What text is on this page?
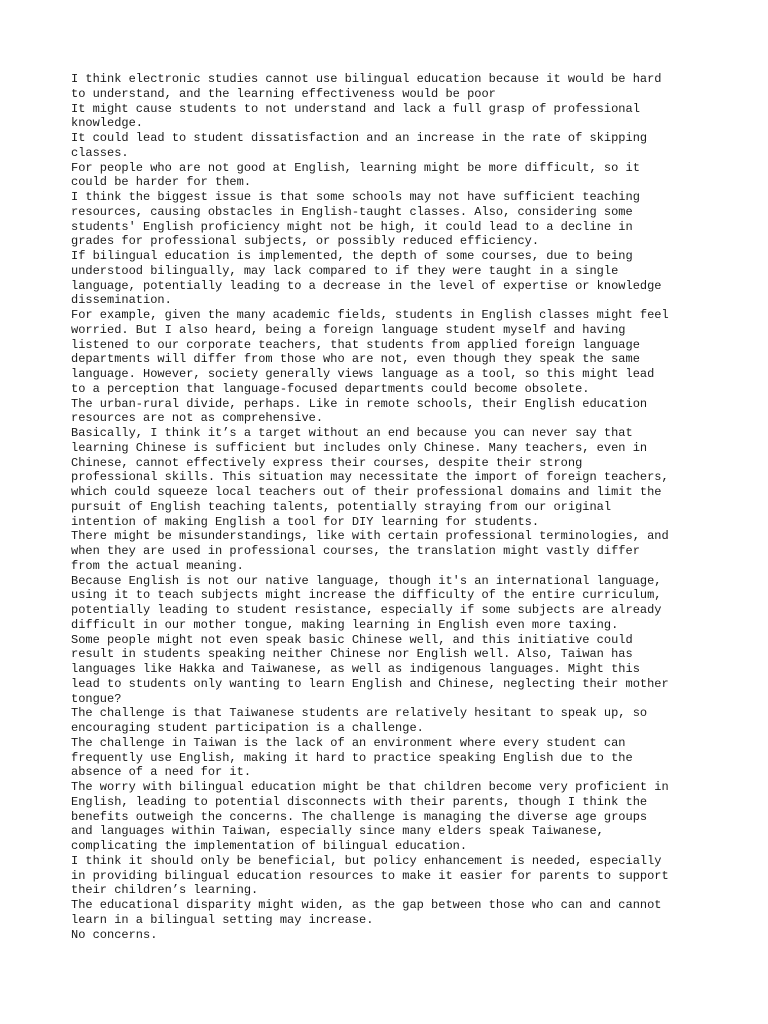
I think electronic studies cannot use bilingual education because it would be hard
to understand, and the learning effectiveness would be poor

It might cause students to not understand and lack a full grasp of professional
knowledge.

It could lead to student dissatisfaction and an increase in the rate of skipping
classes.

For people who are not good at English, learning might be more difficult, so it
could be harder for them.

I think the biggest issue is that some schools may not have sufficient teaching
resources, causing obstacles in English-taught classes. Also, considering some
students' English proficiency might not be high, it could lead to a decline in
grades for professional subjects, or possibly reduced efficiency.

If bilingual education is implemented, the depth of some courses, due to being
understood bilingually, may lack compared to if they were taught in a single
language, potentially leading to a decrease in the level of expertise or knowledge
dissemination.

For example, given the many academic fields, students in English classes might feel
worried. But I also heard, being a foreign language student myself and having
listened to our corporate teachers, that students from applied foreign language
departments will differ from those who are not, even though they speak the same
language. However, society generally views language as a tool, so this might lead
to a perception that language-focused departments could become obsolete.

The urban-rural divide, perhaps. Like in remote schools, their English education
resources are not as comprehensive.

Basically, I think it’s a target without an end because you can never say that
learning Chinese is sufficient but includes only Chinese. Many teachers, even in
Chinese, cannot effectively express their courses, despite their strong
professional skills. This situation may necessitate the import of foreign teachers,
which could squeeze local teachers out of their professional domains and limit the
pursuit of English teaching talents, potentially straying from our original
intention of making English a tool for DIY learning for students.

There might be misunderstandings, like with certain professional terminologies, and
when they are used in professional courses, the translation might vastly differ
from the actual meaning.

Because English is not our native language, though it's an international language,
using it to teach subjects might increase the difficulty of the entire curriculum,
potentially leading to student resistance, especially if some subjects are already
difficult in our mother tongue, making learning in English even more taxing.

Some people might not even speak basic Chinese well, and this initiative could
result in students speaking neither Chinese nor English well. Also, Taiwan has
languages like Hakka and Taiwanese, as well as indigenous languages. Might this
lead to students only wanting to learn English and Chinese, neglecting their mother
tongue?

The challenge is that Taiwanese students are relatively hesitant to speak up, so
encouraging student participation is a challenge.

The challenge in Taiwan is the lack of an environment where every student can
frequently use English, making it hard to practice speaking English due to the
absence of a need for it.

The worry with bilingual education might be that children become very proficient in
English, leading to potential disconnects with their parents, though I think the
benefits outweigh the concerns. The challenge is managing the diverse age groups
and languages within Taiwan, especially since many elders speak Taiwanese,
complicating the implementation of bilingual education.

I think it should only be beneficial, but policy enhancement is needed, especially
in providing bilingual education resources to make it easier for parents to support
their children’s learning.

The educational disparity might widen, as the gap between those who can and cannot
learn in a bilingual setting may increase.

No concerns.
